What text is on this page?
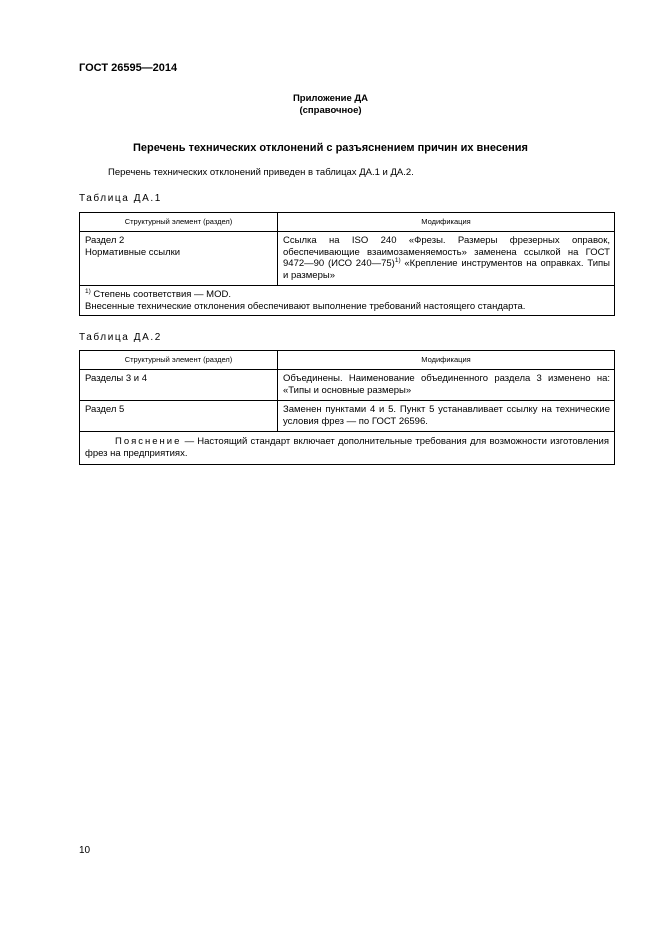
ГОСТ 26595—2014
Приложение ДА
(справочное)
Перечень технических отклонений с разъяснением причин их внесения
Перечень технических отклонений приведен в таблицах ДА.1 и ДА.2.
Таблица ДА.1
Структурный элемент (раздел)	Модификация

Раздел 2
Нормативные ссылки	Ссылка на ISO 240 «Фрезы. Размеры фрезерных оправок, обеспечивающие взаимозаменяемость» заменена ссылкой на ГОСТ 9472—90 (ИСО 240—75)$^{1)}$ «Крепление инструментов на оправках. Типы и размеры»

$^{1)}$ Степень соответствия — MOD.
Внесенные технические отклонения обеспечивают выполнение требований настоящего стандарта.	
Таблица ДА.2
Структурный элемент (раздел)	Модификация
Разделы 3 и 4	Объединены. Наименование объединенного раздела 3 изменено на: «Типы и основные размеры»
Раздел 5	Заменен пунктами 4 и 5. Пункт 5 устанавливает ссылку на технические условия фрез — по ГОСТ 26596.
Пояснение — Настоящий стандарт включает дополнительные требования для возможности изготовления фрез на предприятиях.	
10
